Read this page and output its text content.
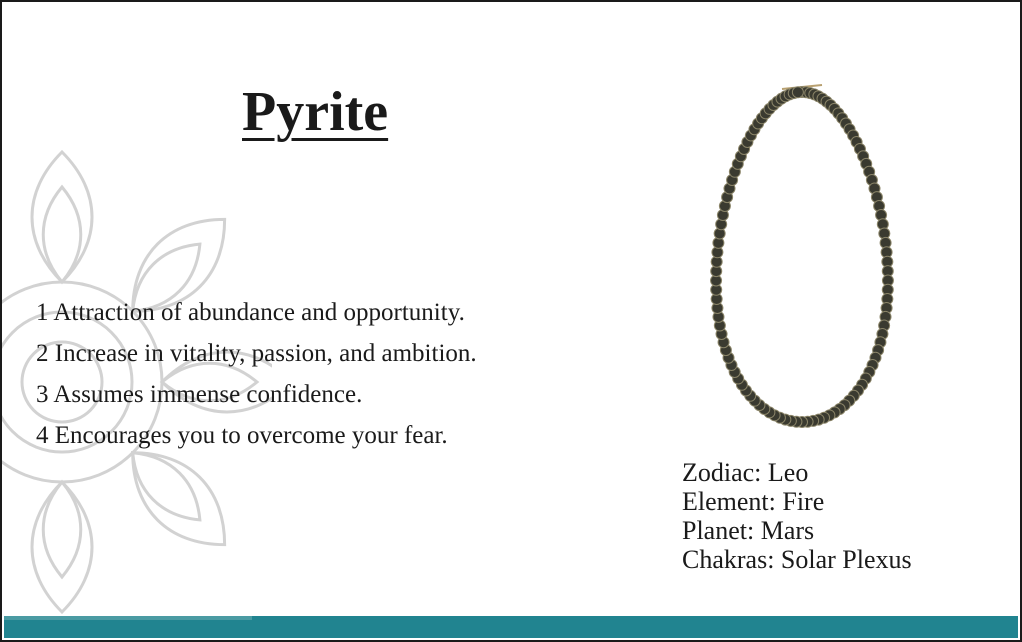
Pyrite
1 Attraction of abundance and opportunity.
2 Increase in vitality, passion, and ambition.
3 Assumes immense confidence.
4 Encourages you to overcome your fear.
Zodiac: Leo
Element: Fire
Planet: Mars
Chakras: Solar Plexus
